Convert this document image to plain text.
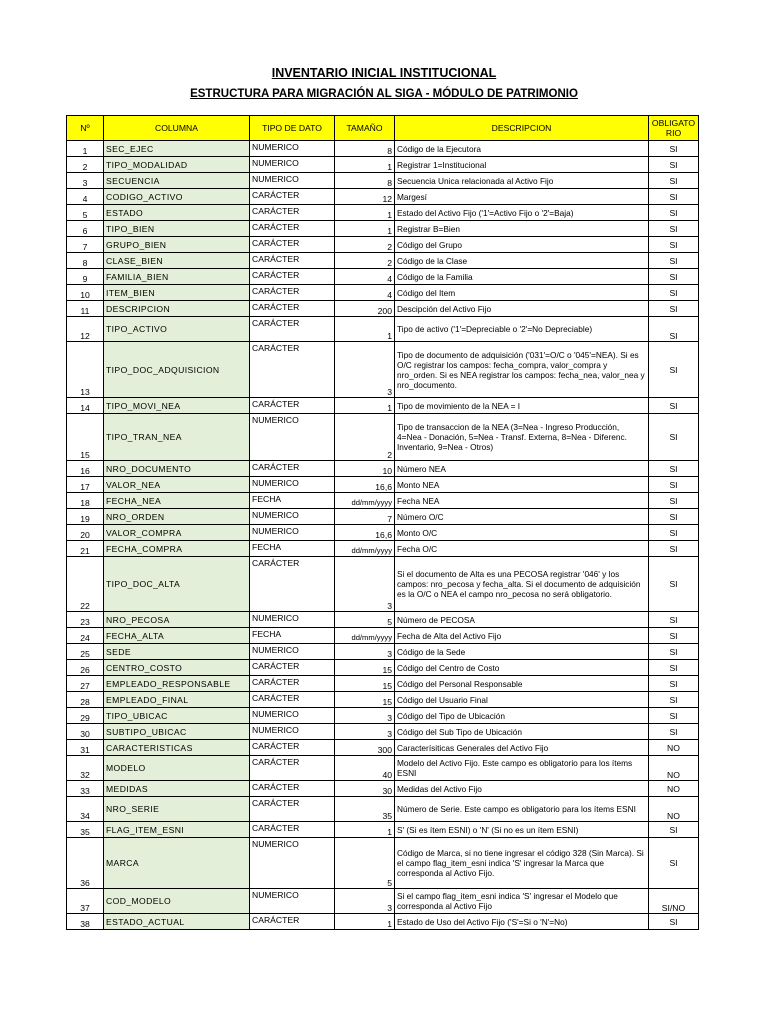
INVENTARIO INICIAL INSTITUCIONAL
ESTRUCTURA PARA MIGRACIÓN AL SIGA - MÓDULO DE PATRIMONIO
Nº	COLUMNA	TIPO DE DATO	TAMAÑO	DESCRIPCION	OBLIGATORIO
1	SEC_EJEC	NUMERICO	8	Código de la Ejecutora	SI
2	TIPO_MODALIDAD	NUMERICO	1	Registrar 1=Institucional	SI
3	SECUENCIA	NUMERICO	8	Secuencia Unica relacionada al Activo Fijo	SI
4	CODIGO_ACTIVO	CARÁCTER	12	Margesí	SI
5	ESTADO	CARÁCTER	1	Estado del Activo Fijo ('1'=Activo Fijo o '2'=Baja)	SI
6	TIPO_BIEN	CARÁCTER	1	Registrar B=Bien	SI
7	GRUPO_BIEN	CARÁCTER	2	Código del Grupo	SI
8	CLASE_BIEN	CARÁCTER	2	Código de la Clase	SI
9	FAMILIA_BIEN	CARÁCTER	4	Código de la Familia	SI
10	ITEM_BIEN	CARÁCTER	4	Código del Item	SI
11	DESCRIPCION	CARÁCTER	200	Descipción del Activo Fijo	SI
12	TIPO_ACTIVO	CARÁCTER	1	Tipo de activo ('1'=Depreciable o '2'=No Depreciable)	SI
13	TIPO_DOC_ADQUISICION	CARÁCTER	3	Tipo de documento de adquisición ('031'=O/C o '045'=NEA). Si es O/C registrar los campos: fecha_compra, valor_compra y nro_orden. Si es NEA registrar los campos: fecha_nea, valor_nea y nro_documento.	SI
14	TIPO_MOVI_NEA	CARÁCTER	1	Tipo de movimiento de la NEA = I	SI
15	TIPO_TRAN_NEA	NUMERICO	2	Tipo de transaccion de la NEA (3=Nea - Ingreso Producción, 4=Nea - Donación, 5=Nea - Transf. Externa, 8=Nea - Diferenc. Inventario, 9=Nea - Otros)	SI
16	NRO_DOCUMENTO	CARÁCTER	10	Número NEA	SI
17	VALOR_NEA	NUMERICO	16,6	Monto NEA	SI
18	FECHA_NEA	FECHA	dd/mm/yyyy	Fecha NEA	SI
19	NRO_ORDEN	NUMERICO	7	Número O/C	SI
20	VALOR_COMPRA	NUMERICO	16,6	Monto O/C	SI
21	FECHA_COMPRA	FECHA	dd/mm/yyyy	Fecha O/C	SI
22	TIPO_DOC_ALTA	CARÁCTER	3	Si el documento de Alta es una PECOSA registrar '046' y los campos: nro_pecosa y fecha_alta. Si el documento de adquisición es la O/C o NEA el campo nro_pecosa no será obligatorio.	SI
23	NRO_PECOSA	NUMERICO	5	Número de PECOSA	SI
24	FECHA_ALTA	FECHA	dd/mm/yyyy	Fecha de Alta del Activo Fijo	SI
25	SEDE	NUMERICO	3	Código de la Sede	SI
26	CENTRO_COSTO	CARÁCTER	15	Código del Centro de Costo	SI
27	EMPLEADO_RESPONSABLE	CARÁCTER	15	Código del Personal Responsable	SI
28	EMPLEADO_FINAL	CARÁCTER	15	Código del Usuario Final	SI
29	TIPO_UBICAC	NUMERICO	3	Código del Tipo de Ubicación	SI
30	SUBTIPO_UBICAC	NUMERICO	3	Código del Sub Tipo de Ubicación	SI
31	CARACTERISTICAS	CARÁCTER	300	Caracterísiticas Generales del Activo Fijo	NO
32	MODELO	CARÁCTER	40	Modelo del Activo Fijo. Este campo es obligatorio para los ítems ESNI	NO
33	MEDIDAS	CARÁCTER	30	Medidas del Activo Fijo	NO
34	NRO_SERIE	CARÁCTER	35	Número de Serie. Este campo es obligatorio para los ítems ESNI	NO
35	FLAG_ITEM_ESNI	CARÁCTER	1	S' (Si es ítem ESNI) o 'N' (Si no es un ítem ESNI)	SI
36	MARCA	NUMERICO	5	Código de Marca, si no tiene ingresar el código 328 (Sin Marca). Si el campo flag_item_esni indica 'S' ingresar la Marca que corresponda al Activo Fijo.	SI
37	COD_MODELO	NUMERICO	3	Si el campo flag_item_esni indica 'S' ingresar el Modelo que corresponda al Activo Fijo	SI/NO
38	ESTADO_ACTUAL	CARÁCTER	1	Estado de Uso del Activo Fijo ('S'=Si o 'N'=No)	SI
